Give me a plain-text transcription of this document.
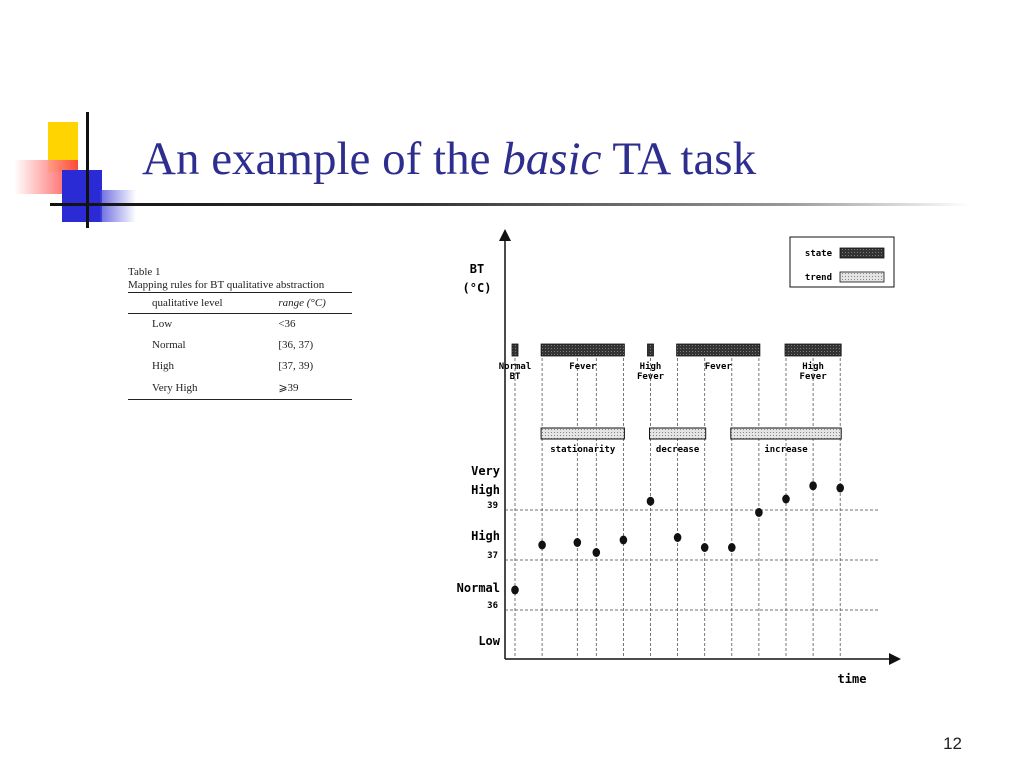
An example of the basic TA task
Table 1
Mapping rules for BT qualitative abstraction
qualitative level	range (°C)
Low	<36
Normal	[36, 37)
High	[37, 39)
Very High	⩾39
BT
(°C)
time
36
37
39
Low
Normal
High
Very
High
Normal
BT
Fever	High
Fever
Fever	High
Fever
stationarity	decrease	increase
state
trend
12
